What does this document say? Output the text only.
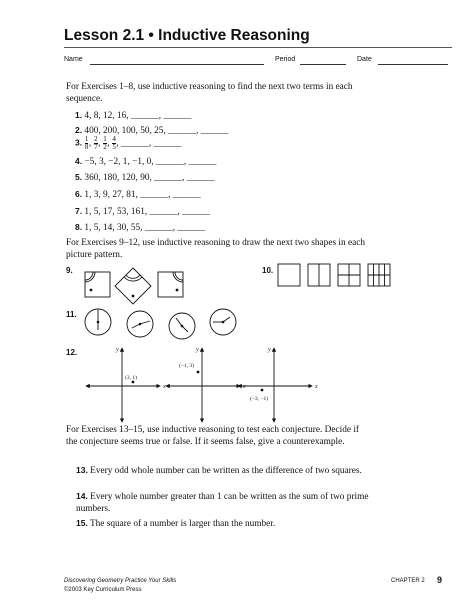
Lesson 2.1 • Inductive Reasoning
Name	Period	Date
For Exercises 1–8, use inductive reasoning to find the next two terms in each sequence.
1. 4, 8, 12, 16, ______, ______
2. 400, 200, 100, 50, 25, ______, ______
3. $\frac{1}{8}$ , $\frac{2}{7}$ , $\frac{1}{2}$ , $\frac{4}{5}$ , ______, ______
4. −5, 3, −2, 1, −1, 0, ______, ______
5. 360, 180, 120, 90, ______, ______
6. 1, 3, 9, 27, 81, ______, ______
7. 1, 5, 17, 53, 161, ______, ______
8. 1, 5, 14, 30, 55, ______, ______
For Exercises 9–12, use inductive reasoning to draw the next two shapes in each picture pattern.
9.	10.
11.
12.	y
x
y
x
y
x
(3, 1)
(−1, 3)
(−3, −1)
For Exercises 13–15, use inductive reasoning to test each conjecture. Decide if the conjecture seems true or false. If it seems false, give a counterexample.
13. Every odd whole number can be written as the difference of two squares.
14. Every whole number greater than 1 can be written as the sum of two prime numbers.
15. The square of a number is larger than the number.
Discovering Geometry Practice Your Skills
©2003 Key Curriculum Press
CHAPTER 2 9
